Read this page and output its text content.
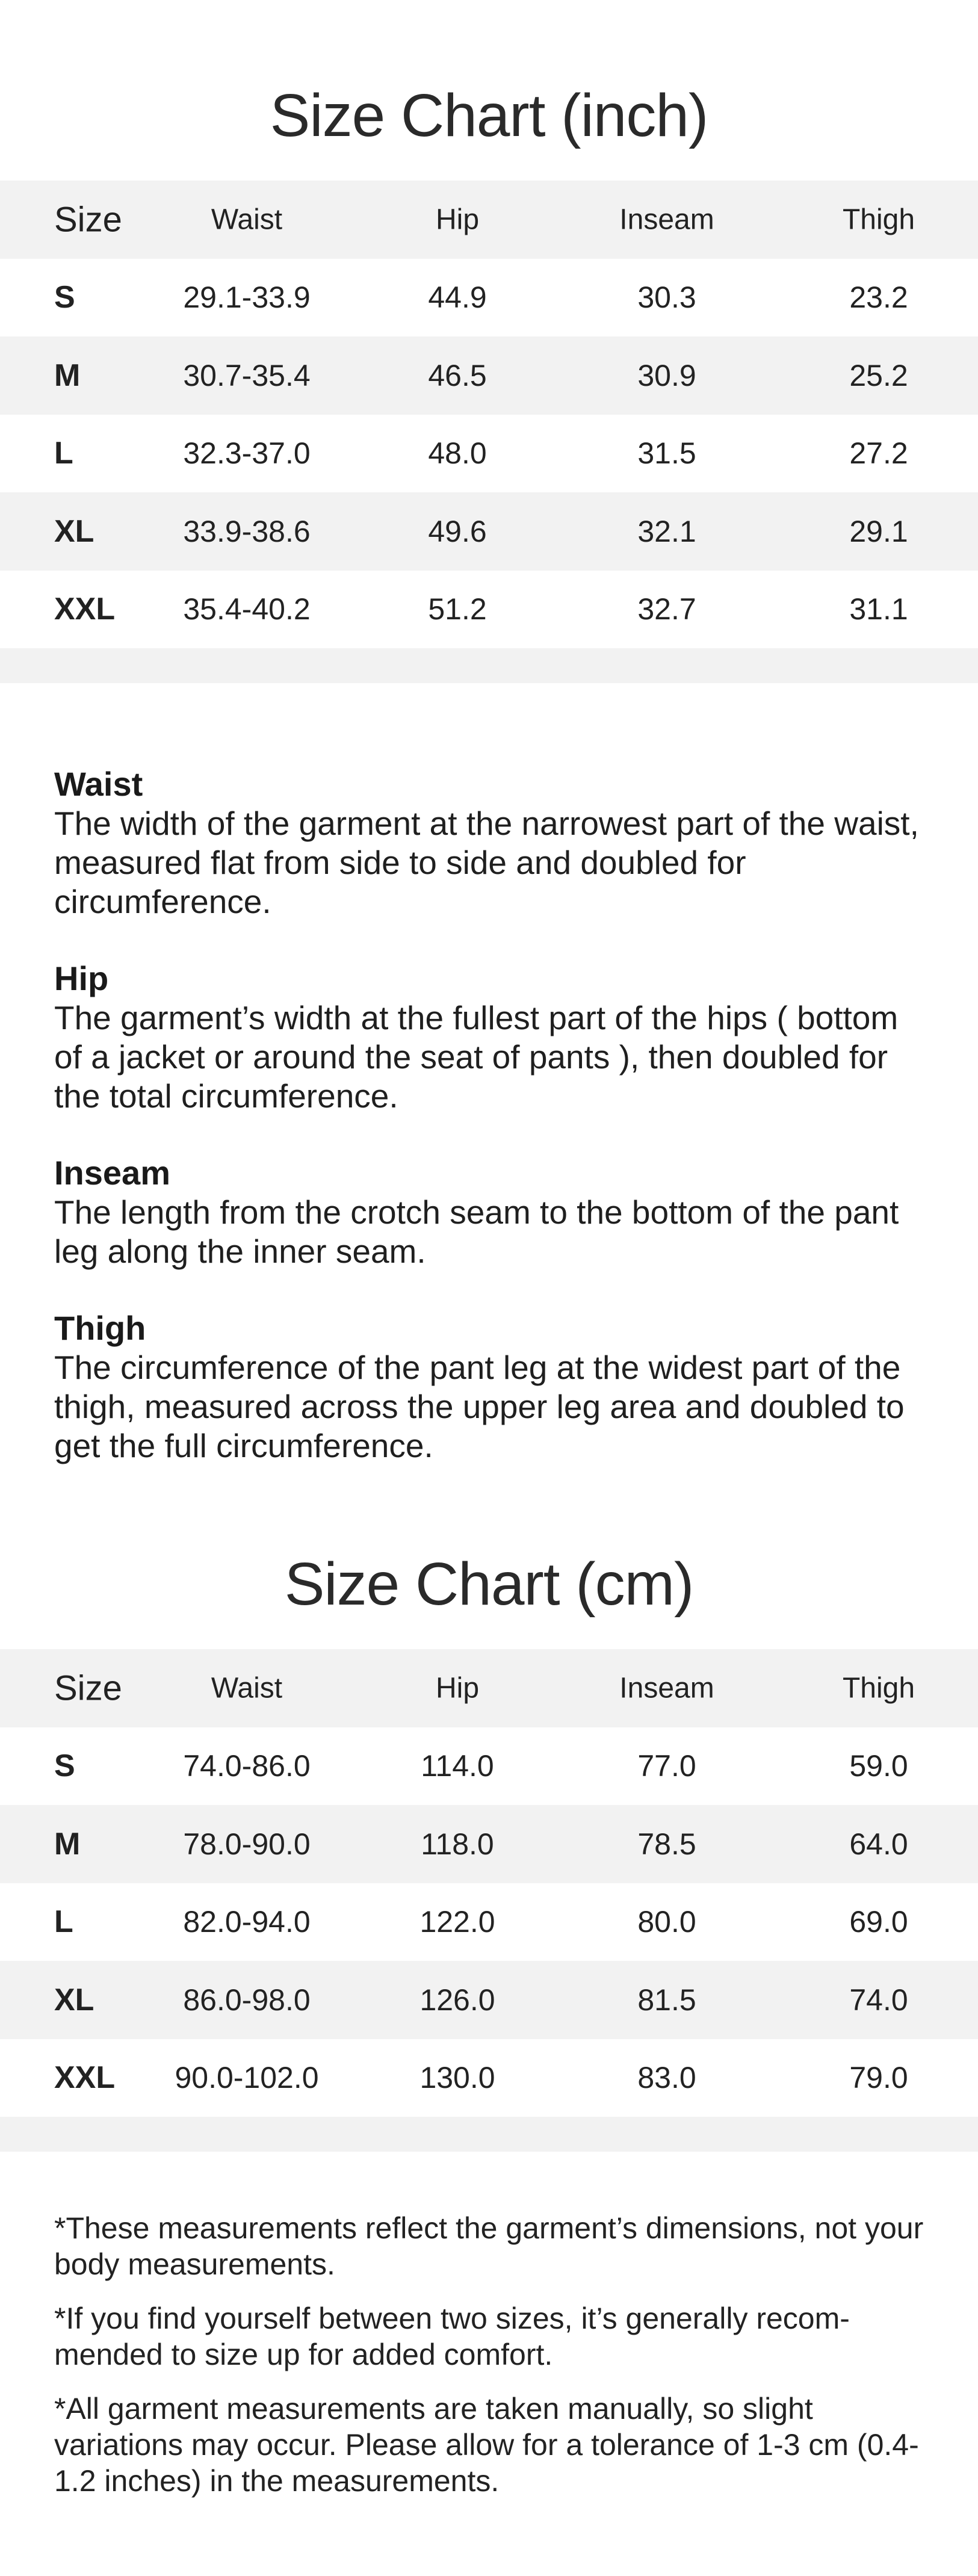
Size Chart (inch)
Size	Waist	Hip	Inseam	Thigh
S	29.1-33.9	44.9	30.3	23.2
M	30.7-35.4	46.5	30.9	25.2
L	32.3-37.0	48.0	31.5	27.2
XL	33.9-38.6	49.6	32.1	29.1
XXL 35.4-40.2	51.2	32.7	31.1
Waist
The width of the garment at the narrowest part of the waist, measured flat from side to side and doubled for circumference.
Hip
The garment’s width at the fullest part of the hips ( bottom of a jacket or around the seat of pants ), then doubled for the total circumference.
Inseam
The length from the crotch seam to the bottom of the pant leg along the inner seam.
Thigh
The circumference of the pant leg at the widest part of the thigh, measured across the upper leg area and doubled to get the full circumference.
Size Chart (cm)
Size	Waist	Hip	Inseam	Thigh
S	74.0-86.0	114.0	77.0	59.0
M	78.0-90.0	118.0	78.5	64.0
L	82.0-94.0	122.0	80.0	69.0
XL	86.0-98.0	126.0	81.5	74.0
XXL 90.0-102.0	130.0	83.0	79.0
*These measurements reflect the garment’s dimensions, not your body measurements.
*If you find yourself between two sizes, it’s generally recom-mended to size up for added comfort.
*All garment measurements are taken manually, so slight variations may occur. Please allow for a tolerance of 1-3 cm (0.4-1.2 inches) in the measurements.
